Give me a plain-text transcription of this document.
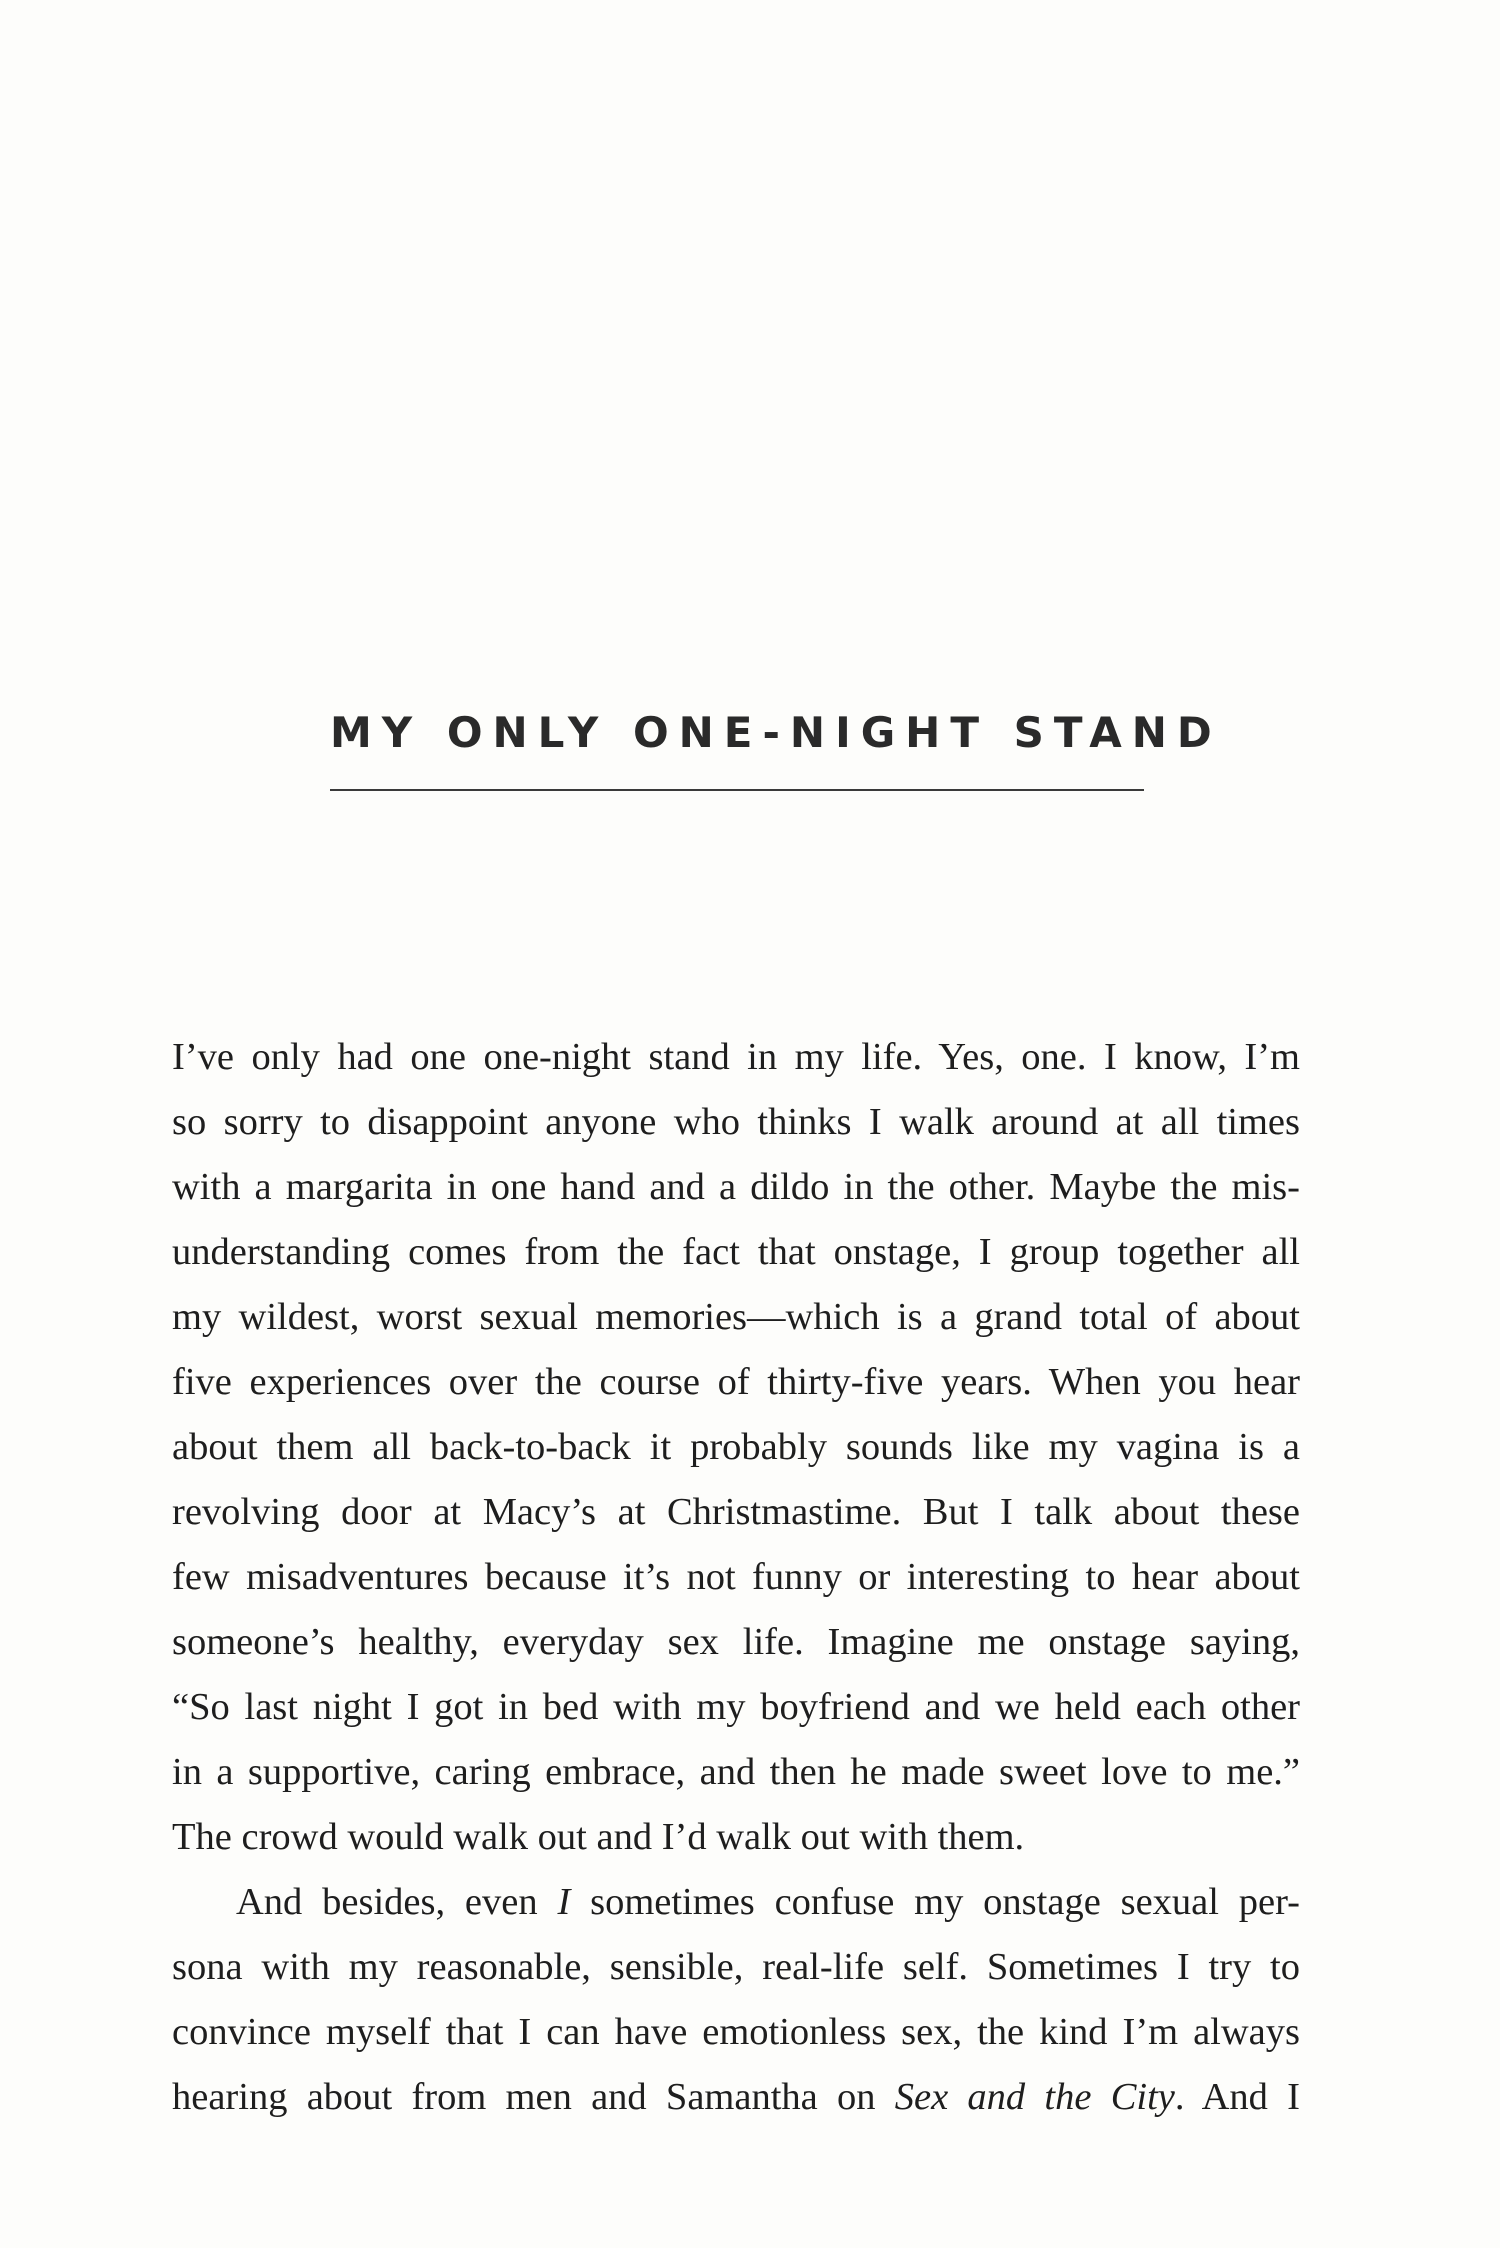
MY ONLY ONE-NIGHT STAND
I’ve only had one one-night stand in my life. Yes, one. I know, I’m
so sorry to disappoint anyone who thinks I walk around at all times
with a margarita in one hand and a dildo in the other. Maybe the mis-
understanding comes from the fact that onstage, I group together all
my wildest, worst sexual memories—which is a grand total of about
five experiences over the course of thirty-five years. When you hear
about them all back-to-back it probably sounds like my vagina is a
revolving door at Macy’s at Christmastime. But I talk about these
few misadventures because it’s not funny or interesting to hear about
someone’s healthy, everyday sex life. Imagine me onstage saying,
“So last night I got in bed with my boyfriend and we held each other
in a supportive, caring embrace, and then he made sweet love to me.”
The crowd would walk out and I’d walk out with them.
And besides, even I sometimes confuse my onstage sexual per-
sona with my reasonable, sensible, real-life self. Sometimes I try to
convince myself that I can have emotionless sex, the kind I’m always
hearing about from men and Samantha on Sex and the City. And I
